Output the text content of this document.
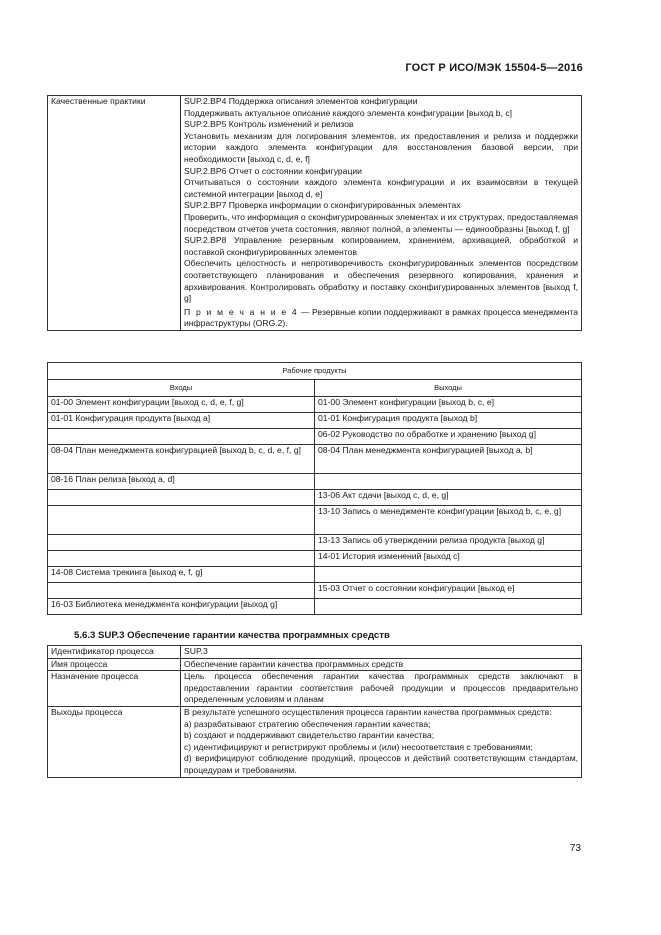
ГОСТ Р ИСО/МЭК 15504-5—2016
Качественные практики	SUP.2.BP4 Поддержка описания элементов конфигурации
Поддерживать актуальное описание каждого элемента конфигурации [выход b, c]
SUP.2.BP5 Контроль изменений и релизов
Установить механизм для логирования элементов, их предоставления и релиза и поддержки истории каждого элемента конфигурации для восстановления базовой версии, при необходимости [выход c, d, e, f]
SUP.2.BP6 Отчет о состоянии конфигурации
Отчитываться о состоянии каждого элемента конфигурации и их взаимосвязи в текущей системной интеграции [выход d, e]
SUP.2.BP7 Проверка информации о сконфигурированных элементах
Проверить, что информация о сконфигурированных элементах и их структурах, предоставляемая посредством отчетов учета состояния, являют полной, а элементы — единообразны [выход f, g]
SUP.2.BP8 Управление резервным копированием, хранением, архивацией, обработкой и поставкой сконфигурированных элементов
Обеспечить целостность и непротиворечивость сконфигурированных элементов посредством соответствующего планирования и обеспечения резервного копирования, хранения и архивирования. Контролировать обработку и поставку сконфигурированных элементов [выход f, g]
П р и м е ч а н и е 4 — Резервные копии поддерживают в рамках процесса менеджмента инфраструктуры (ORG.2).
Рабочие продукты	
Входы	Выходы
01-00 Элемент конфигурации [выход c, d, e, f, g]	01-00 Элемент конфигурации [выход b, c, e]
01-01 Конфигурация продукта [выход a]	01-01 Конфигурация продукта [выход b]
	06-02 Руководство по обработке и хранению [выход g]
08-04 План менеджмента конфигурацией [выход b, c, d, e, f, g]	08-04 План менеджмента конфигурацией [выход a, b]
08-16 План релиза [выход a, d]	
	13-06 Акт сдачи [выход c, d, e, g]
	13-10 Запись о менеджменте конфигурации [выход b, c, e, g]
	13-13 Запись об утверждении релиза продукта [выход g]
	14-01 История изменений [выход c]
14-08 Система трекинга [выход e, f, g]	
	15-03 Отчет о состоянии конфигурации [выход e]
16-03 Библиотека менеджмента конфигурации [выход g]	
5.6.3 SUP.3 Обеспечение гарантии качества программных средств
Идентификатор процесса	SUP.3
Имя процесса	Обеспечение гарантии качества программных средств
Назначение процесса	Цель процесса обеспечения гарантии качества программных средств заключают в предоставлении гарантии соответствия рабочей продукции и процессов предварительно определенным условиям и планам
Выходы процесса	В результате успешного осуществления процесса гарантии качества программных средств:
a) разрабатывают стратегию обеспечения гарантии качества;
b) создают и поддерживают свидетельство гарантии качества;
c) идентифицируют и регистрируют проблемы и (или) несоответствия с требованиями;
d) верифицируют соблюдение продукций, процессов и действий соответствующим стандартам, процедурам и требованиям.
73
